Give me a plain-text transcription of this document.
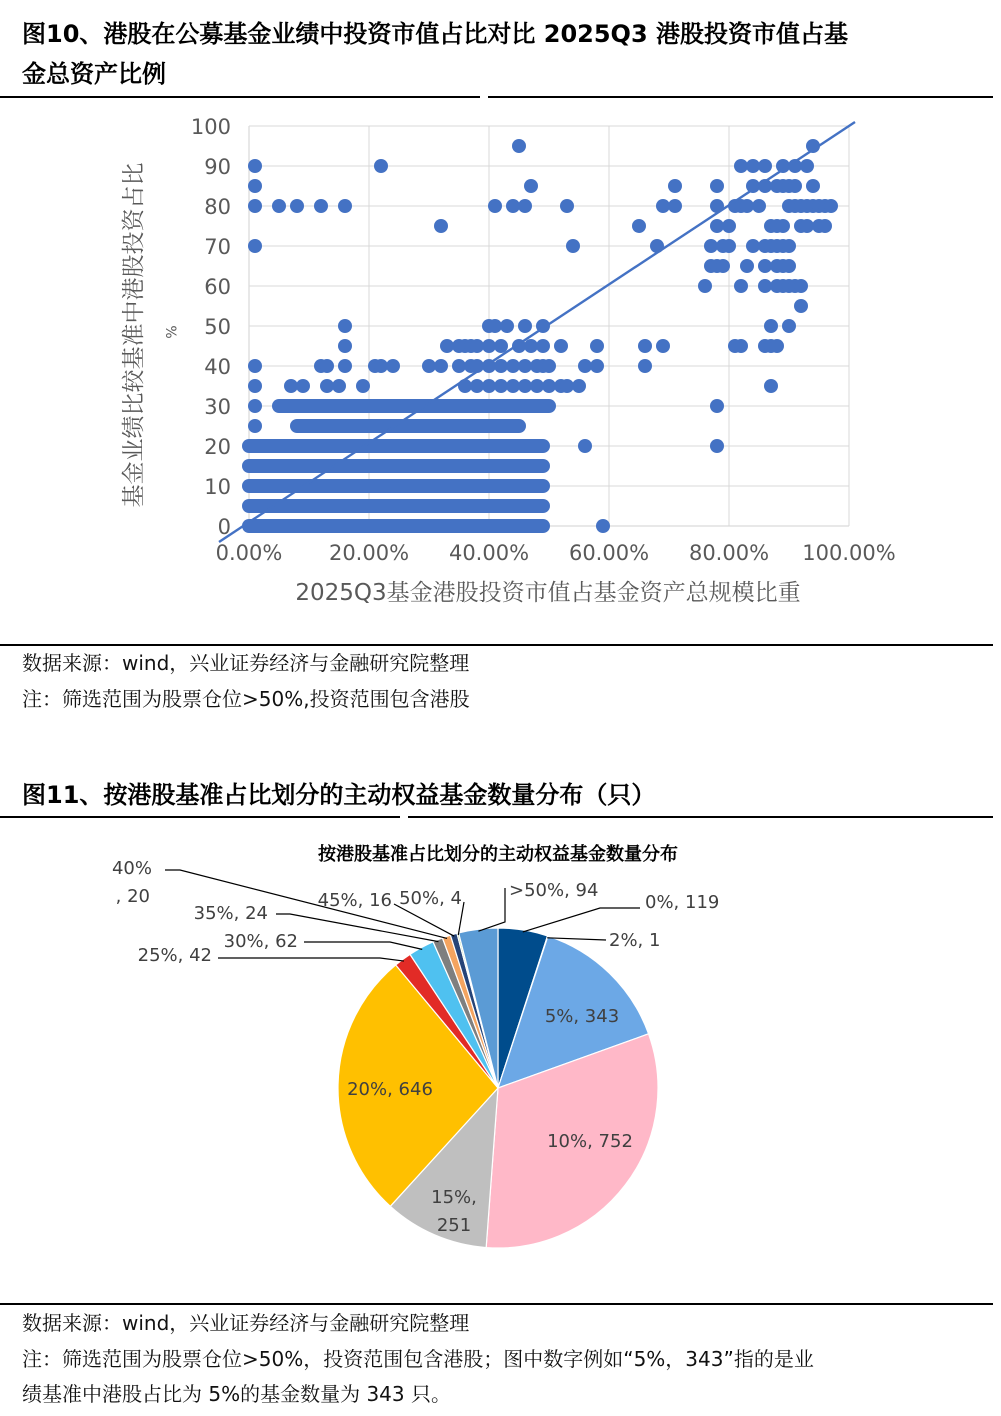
图10、港股在公募基金业绩中投资市值占比对比 2025Q3 港股投资市值占基
金总资产比例
0
10
20
30
40
50
60
70
80
90
100
0.00% 20.00% 40.00% 60.00% 80.00% 100.00%
2025Q3基金港股投资市值占基金资产总规模比重
基金业绩比较基准中港股投资占比 %
数据来源：wind，兴业证券经济与金融研究院整理
注：筛选范围为股票仓位>50%,投资范围包含港股
图11、按港股基准占比划分的主动权益基金数量分布（只）
按港股基准占比划分的主动权益基金数量分布
0%, 119
2%, 1
5%, 343
10%, 752
15%,
251
20%, 646
25%, 42
30%, 62
35%, 24
40%
, 20	45%, 16 50%, 4	>50%, 94
数据来源：wind，兴业证券经济与金融研究院整理
注：筛选范围为股票仓位>50%，投资范围包含港股；图中数字例如“5%，343”指的是业
绩基准中港股占比为 5%的基金数量为 343 只。
